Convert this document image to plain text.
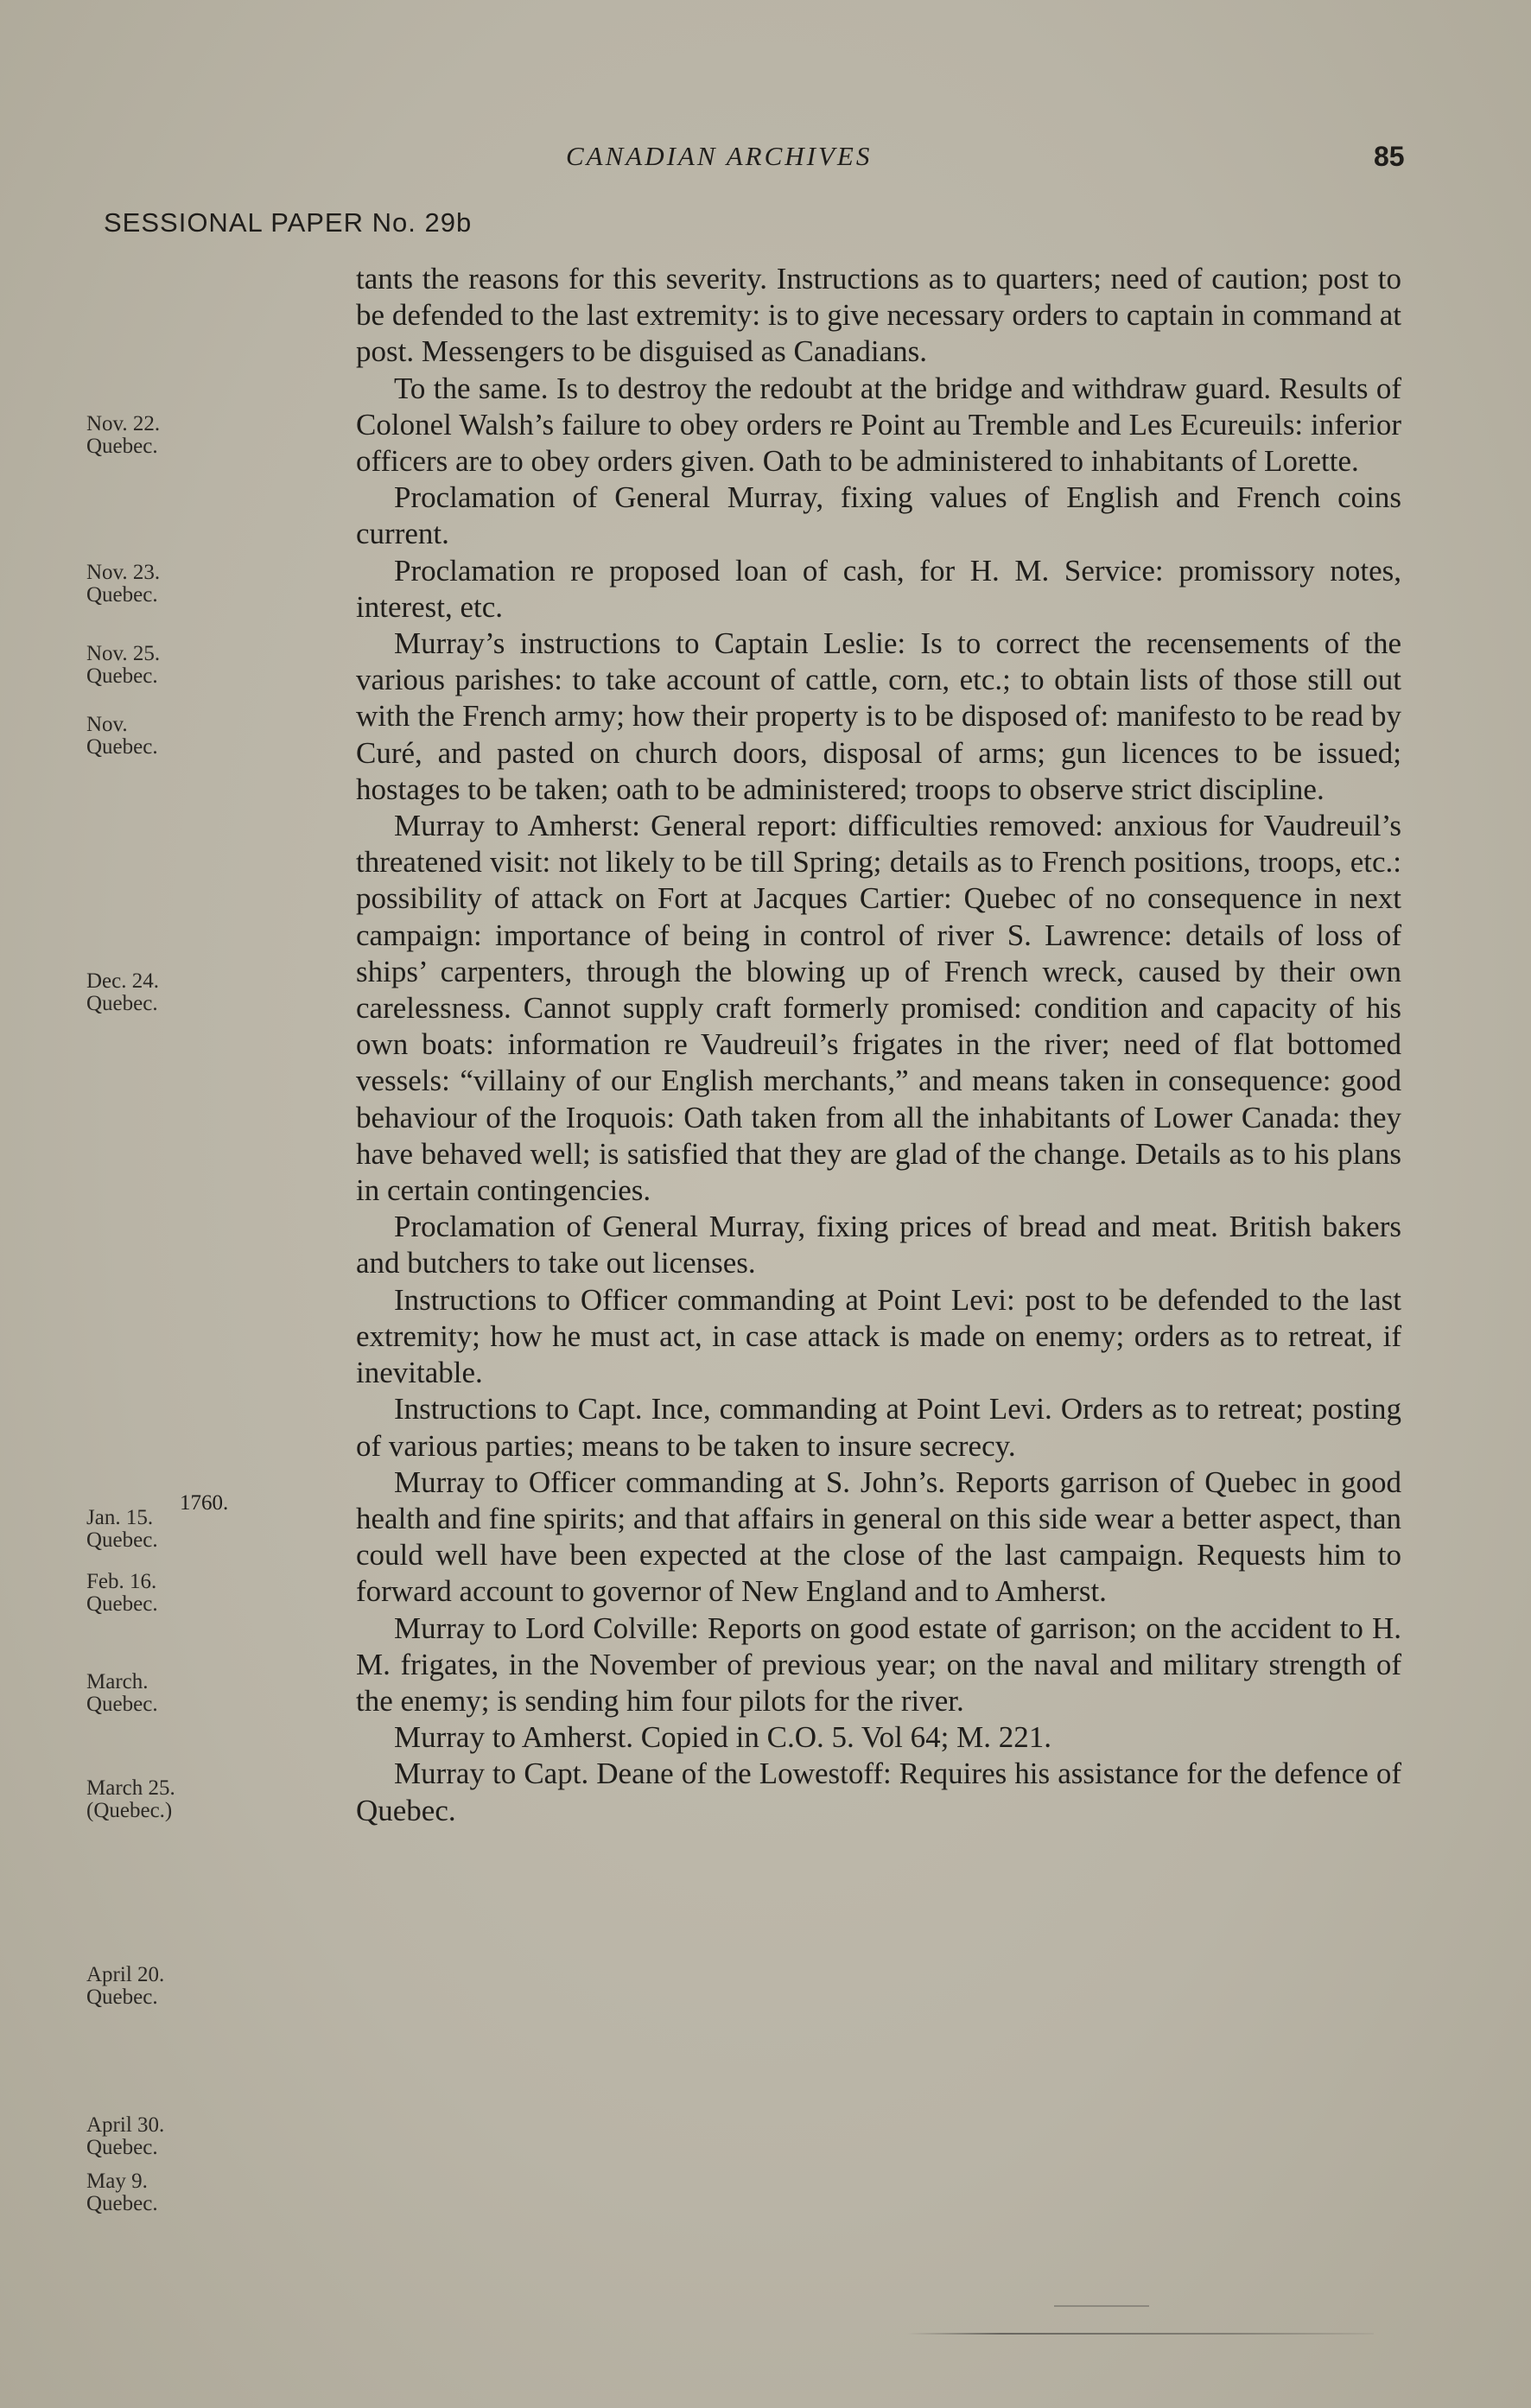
CANADIAN ARCHIVES	85
SESSIONAL PAPER No. 29b
Nov. 22.
Quebec.
Nov. 23.
Quebec.
Nov. 25.
Quebec.
Nov.
Quebec.
Dec. 24.
Quebec.
1760.
Jan. 15.
Quebec.
Feb. 16.
Quebec.
March.
Quebec.
March 25.
(Quebec.)
April 20.
Quebec.
April 30.
Quebec.
May 9.
Quebec.

tants the reasons for this severity. Instructions as to quarters; need of caution; post to be defended to the last extremity: is to give necessary orders to captain in command at post. Messengers to be disguised as Canadians.

To the same. Is to destroy the redoubt at the bridge and withdraw guard. Results of Colonel Walsh’s failure to obey orders re Point au Tremble and Les Ecureuils: inferior officers are to obey orders given. Oath to be administered to inhabitants of Lorette.

Proclamation of General Murray, fixing values of English and French coins current.

Proclamation re proposed loan of cash, for H. M. Service: promissory notes, interest, etc.

Murray’s instructions to Captain Leslie: Is to correct the recensements of the various parishes: to take account of cattle, corn, etc.; to obtain lists of those still out with the French army; how their property is to be disposed of: manifesto to be read by Curé, and pasted on church doors, disposal of arms; gun licences to be issued; hostages to be taken; oath to be administered; troops to observe strict discipline.

Murray to Amherst: General report: difficulties removed: anxious for Vaudreuil’s threatened visit: not likely to be till Spring; details as to French positions, troops, etc.: possibility of attack on Fort at Jacques Cartier: Quebec of no consequence in next campaign: importance of being in control of river S. Lawrence: details of loss of ships’ carpenters, through the blowing up of French wreck, caused by their own carelessness. Cannot supply craft formerly promised: condition and capacity of his own boats: information re Vaudreuil’s frigates in the river; need of flat bottomed vessels: “villainy of our English merchants,” and means taken in consequence: good behaviour of the Iroquois: Oath taken from all the inhabitants of Lower Canada: they have behaved well; is satisfied that they are glad of the change. Details as to his plans in certain contingencies.

Proclamation of General Murray, fixing prices of bread and meat. British bakers and butchers to take out licenses.

Instructions to Officer commanding at Point Levi: post to be defended to the last extremity; how he must act, in case attack is made on enemy; orders as to retreat, if inevitable.

Instructions to Capt. Ince, commanding at Point Levi. Orders as to retreat; posting of various parties; means to be taken to insure secrecy.

Murray to Officer commanding at S. John’s. Reports garrison of Quebec in good health and fine spirits; and that affairs in general on this side wear a better aspect, than could well have been expected at the close of the last campaign. Requests him to forward account to governor of New England and to Amherst.

Murray to Lord Colville: Reports on good estate of garrison; on the accident to H. M. frigates, in the November of previous year; on the naval and military strength of the enemy; is sending him four pilots for the river.

Murray to Amherst. Copied in C.O. 5. Vol 64; M. 221.

Murray to Capt. Deane of the Lowestoff: Requires his assistance for the defence of Quebec.
